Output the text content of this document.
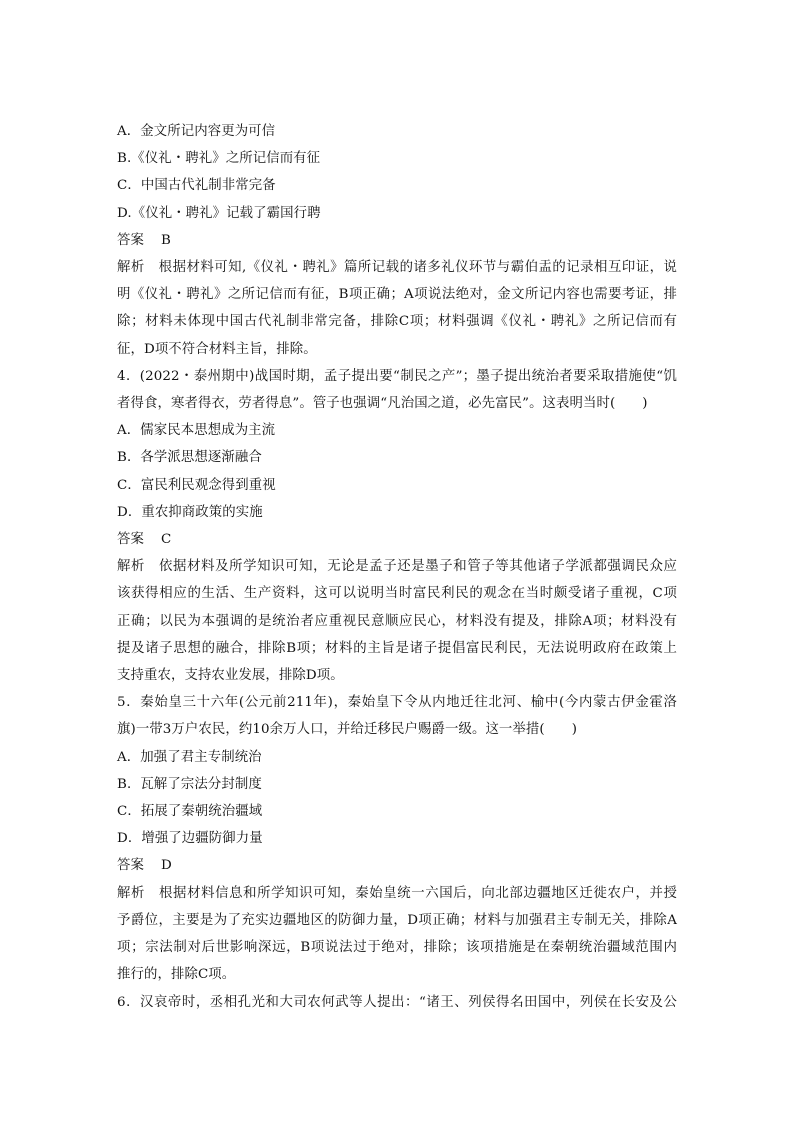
A．金文所记内容更为可信
B.《仪礼・聘礼》之所记信而有征
C．中国古代礼制非常完备
D.《仪礼・聘礼》记载了霸国行聘
答案 B
解析　根据材料可知,《仪礼・聘礼》篇所记载的诸多礼仪环节与霸伯盂的记录相互印证，说
明《仪礼・聘礼》之所记信而有征，B项正确；A项说法绝对，金文所记内容也需要考证，排
除；材料未体现中国古代礼制非常完备，排除C项；材料强调《仪礼・聘礼》之所记信而有
征，D项不符合材料主旨，排除。
4．(2022・泰州期中)战国时期，孟子提出要“制民之产”；墨子提出统治者要采取措施使“饥
者得食，寒者得衣，劳者得息”。管子也强调“凡治国之道，必先富民”。这表明当时(　　)
A．儒家民本思想成为主流
B．各学派思想逐渐融合
C．富民利民观念得到重视
D．重农抑商政策的实施
答案 C
解析　依据材料及所学知识可知，无论是孟子还是墨子和管子等其他诸子学派都强调民众应
该获得相应的生活、生产资料，这可以说明当时富民利民的观念在当时颇受诸子重视，C项
正确；以民为本强调的是统治者应重视民意顺应民心，材料没有提及，排除A项；材料没有
提及诸子思想的融合，排除B项；材料的主旨是诸子提倡富民利民，无法说明政府在政策上
支持重农，支持农业发展，排除D项。
5．秦始皇三十六年(公元前211年)，秦始皇下令从内地迁往北河、榆中(今内蒙古伊金霍洛
旗)一带3万户农民，约10余万人口，并给迁移民户赐爵一级。这一举措(　　)
A．加强了君主专制统治
B．瓦解了宗法分封制度
C．拓展了秦朝统治疆域
D．增强了边疆防御力量
答案 D
解析　根据材料信息和所学知识可知，秦始皇统一六国后，向北部边疆地区迁徙农户，并授
予爵位，主要是为了充实边疆地区的防御力量，D项正确；材料与加强君主专制无关，排除A
项；宗法制对后世影响深远，B项说法过于绝对，排除；该项措施是在秦朝统治疆域范围内
推行的，排除C项。
6．汉哀帝时，丞相孔光和大司农何武等人提出：“诸王、列侯得名田国中，列侯在长安及公
